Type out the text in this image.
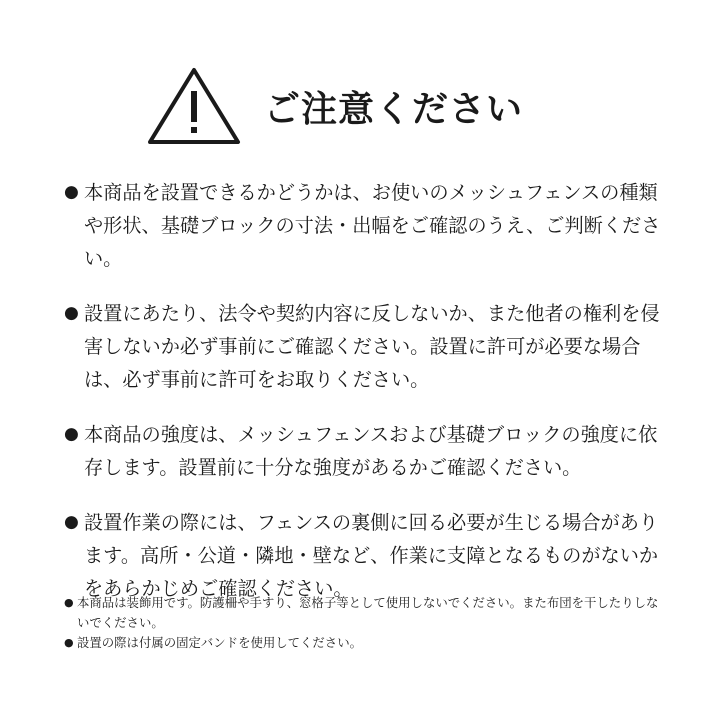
ご注意ください
● 本商品を設置できるかどうかは、お使いのメッシュフェンスの種類や形状、基礎ブロックの寸法・出幅をご確認のうえ、ご判断ください。
● 設置にあたり、法令や契約内容に反しないか、また他者の権利を侵害しないか必ず事前にご確認ください。設置に許可が必要な場合は、必ず事前に許可をお取りください。
● 本商品の強度は、メッシュフェンスおよび基礎ブロックの強度に依存します。設置前に十分な強度があるかご確認ください。
● 設置作業の際には、フェンスの裏側に回る必要が生じる場合があります。高所・公道・隣地・壁など、作業に支障となるものがないかをあらかじめご確認ください。
● 本商品は装飾用です。防護柵や手すり、窓格子等として使用しないでください。また布団を干したりしないでください。
● 設置の際は付属の固定バンドを使用してください。
